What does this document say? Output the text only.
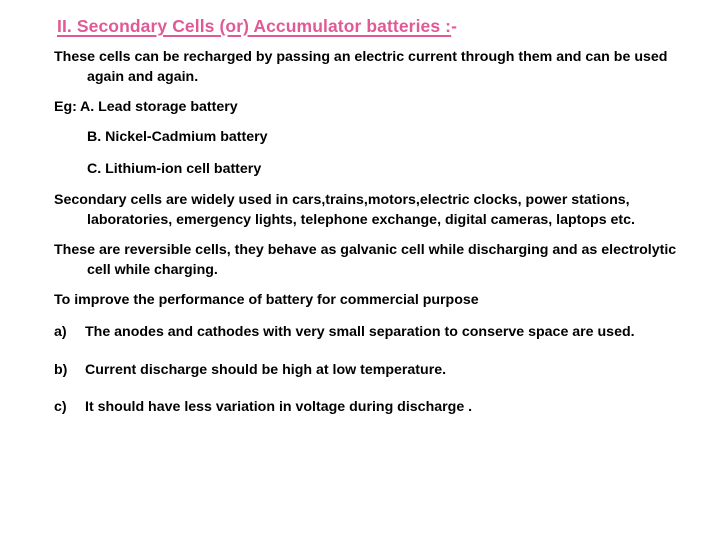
II. Secondary Cells (or) Accumulator batteries :-

These cells can be recharged by passing an electric current through them and can be used again and again.

Eg: A. Lead storage battery

B. Nickel-Cadmium battery

C. Lithium-ion cell battery

Secondary cells are widely used in cars,trains,motors,electric clocks, power stations, laboratories, emergency lights, telephone exchange, digital cameras, laptops etc.

These are reversible cells, they behave as galvanic cell while discharging and as electrolytic cell while charging.

To improve the performance of battery for commercial purpose

a) The anodes and cathodes with very small separation to conserve space are used.

b) Current discharge should be high at low temperature.

c) It should have less variation in voltage during discharge .
